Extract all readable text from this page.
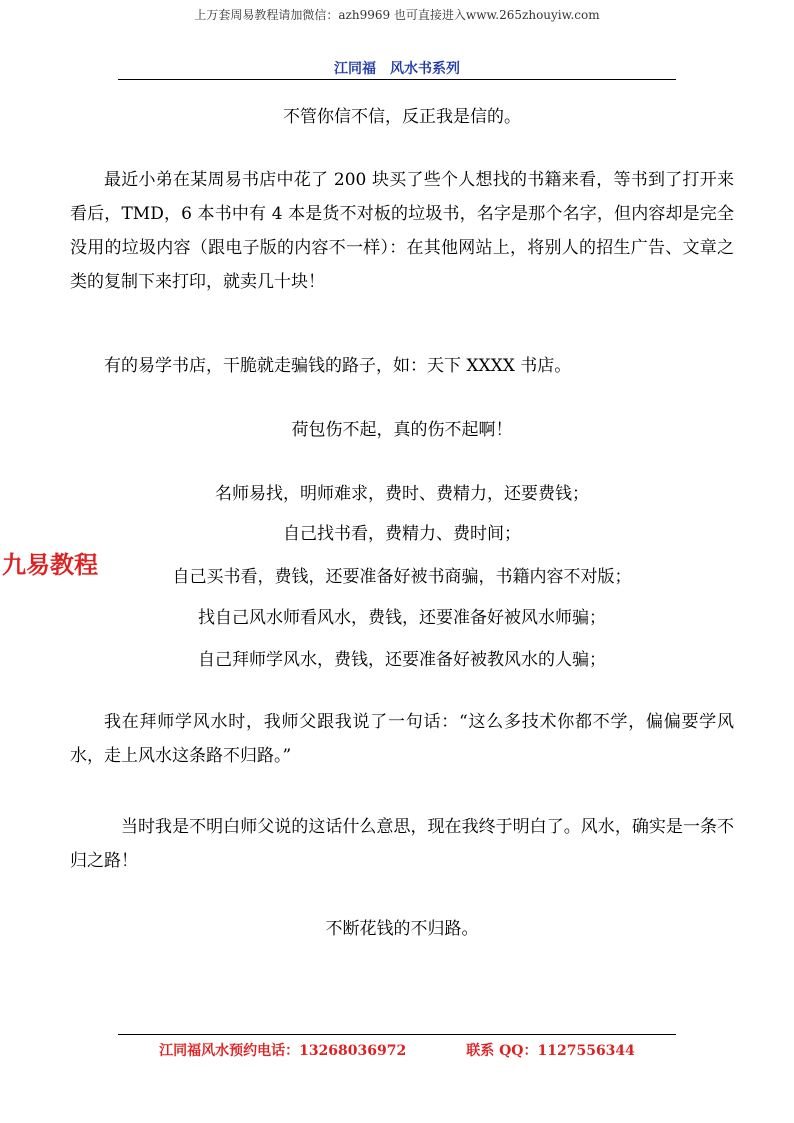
上万套周易教程请加微信：azh9969 也可直接进入www.265zhouyiw.com
江同福　风水书系列
不管你信不信，反正我是信的。
最近小弟在某周易书店中花了 200 块买了些个人想找的书籍来看，等书到了打开来看后，TMD，6 本书中有 4 本是货不对板的垃圾书，名字是那个名字，但内容却是完全没用的垃圾内容（跟电子版的内容不一样）：在其他网站上，将别人的招生广告、文章之类的复制下来打印，就卖几十块！
有的易学书店，干脆就走骗钱的路子，如：天下 XXXX 书店。
荷包伤不起，真的伤不起啊！
名师易找，明师难求，费时、费精力，还要费钱；
自己找书看，费精力、费时间；
自己买书看，费钱，还要准备好被书商骗，书籍内容不对版；
找自己风水师看风水，费钱，还要准备好被风水师骗；
自己拜师学风水，费钱，还要准备好被教风水的人骗；
九易教程
我在拜师学风水时，我师父跟我说了一句话：“这么多技术你都不学，偏偏要学风水，走上风水这条路不归路。”
当时我是不明白师父说的这话什么意思，现在我终于明白了。风水，确实是一条不归之路！
不断花钱的不归路。
江同福风水预约电话：13268036972	联系 QQ：1127556344
